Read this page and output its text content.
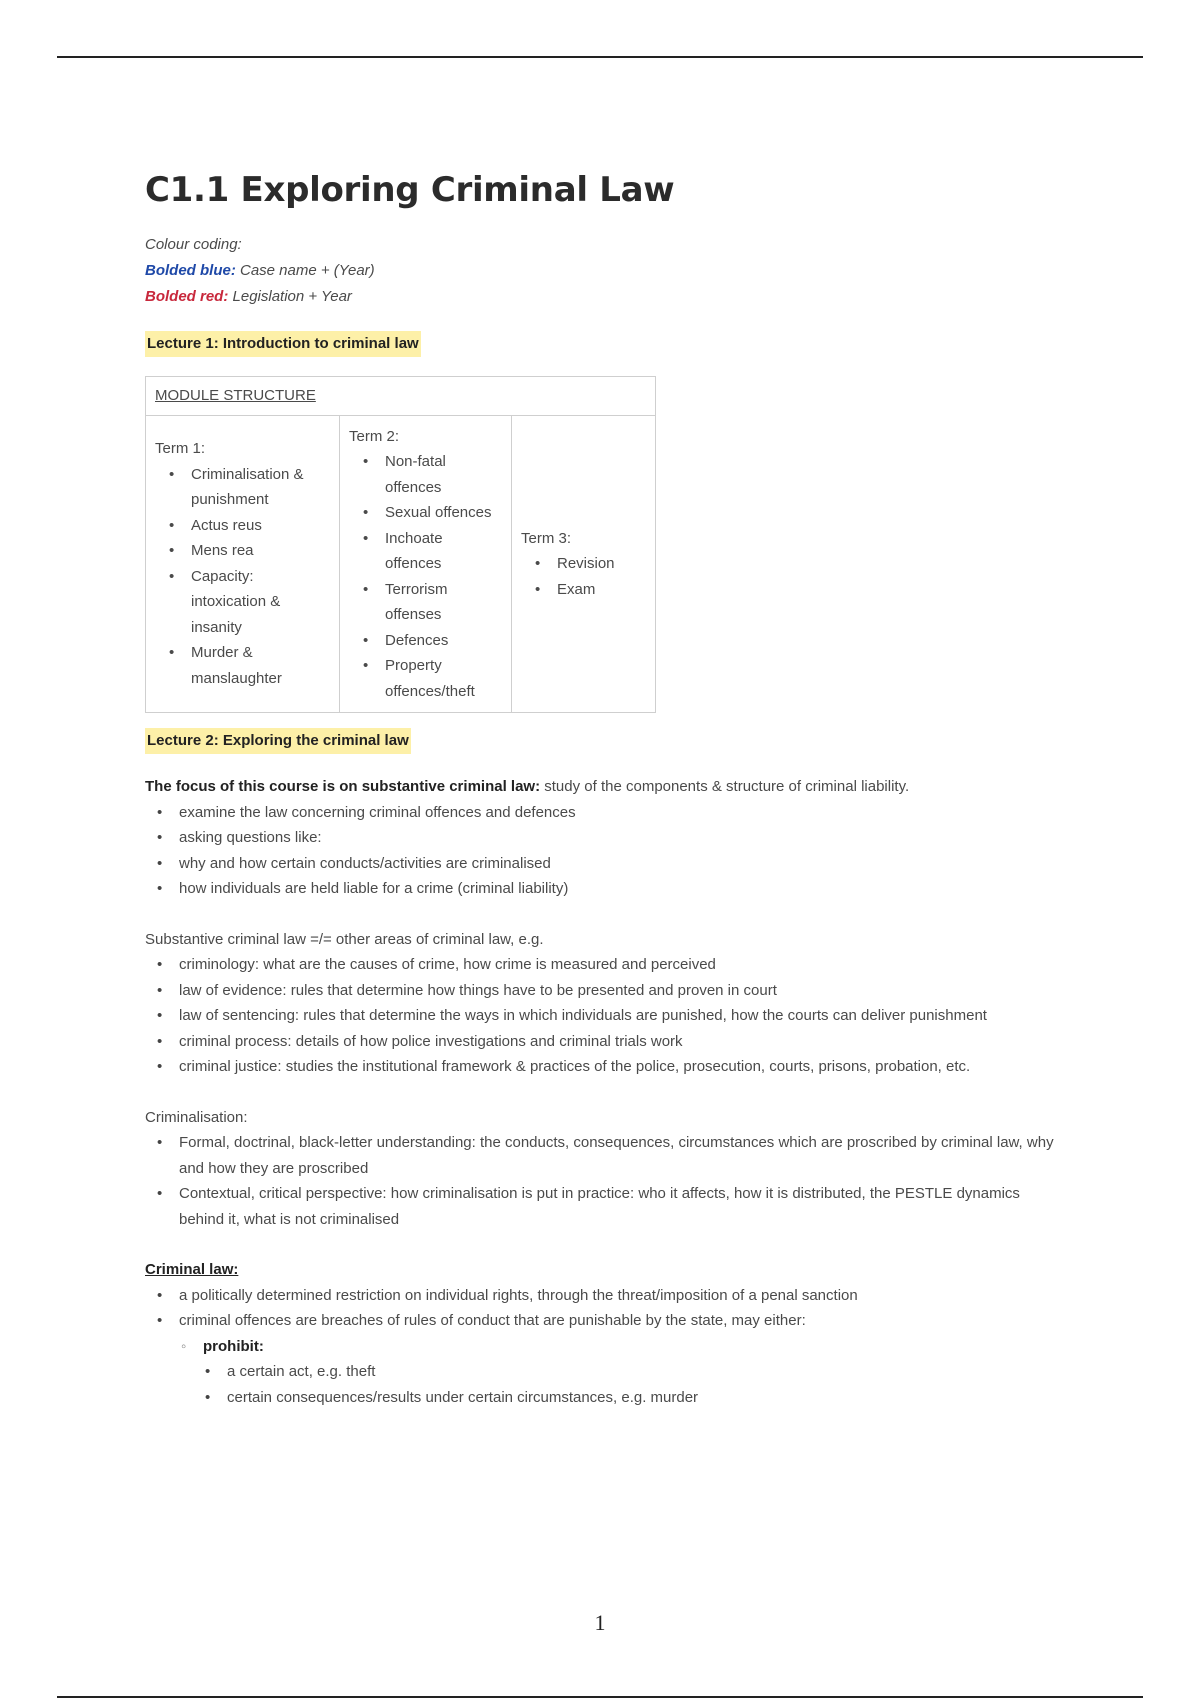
C1.1 Exploring Criminal Law
Colour coding:
Bolded blue: Case name + (Year)
Bolded red: Legislation + Year
Lecture 1: Introduction to criminal law
MODULE STRUCTURE

Term 1:
• Criminalisation & punishment
• Actus reus
• Mens rea
• Capacity: intoxication & insanity
• Murder & manslaughter

Term 2:
• Non-fatal offences
• Sexual offences
• Inchoate offences
• Terrorism offenses
• Defences
• Property offences/theft

Term 3:
• Revision
• Exam
Lecture 2: Exploring the criminal law
The focus of this course is on substantive criminal law: study of the components & structure of criminal liability.
• examine the law concerning criminal offences and defences
• asking questions like:
• why and how certain conducts/activities are criminalised
• how individuals are held liable for a crime (criminal liability)
Substantive criminal law =/= other areas of criminal law, e.g.
• criminology: what are the causes of crime, how crime is measured and perceived
• law of evidence: rules that determine how things have to be presented and proven in court
• law of sentencing: rules that determine the ways in which individuals are punished, how the courts can deliver punishment
• criminal process: details of how police investigations and criminal trials work
• criminal justice: studies the institutional framework & practices of the police, prosecution, courts, prisons, probation, etc.
Criminalisation:
• Formal, doctrinal, black-letter understanding: the conducts, consequences, circumstances which are proscribed by criminal law, why and how they are proscribed
• Contextual, critical perspective: how criminalisation is put in practice: who it affects, how it is distributed, the PESTLE dynamics behind it, what is not criminalised
Criminal law:
• a politically determined restriction on individual rights, through the threat/imposition of a penal sanction
• criminal offences are breaches of rules of conduct that are punishable by the state, may either:
◦ prohibit:
• a certain act, e.g. theft
• certain consequences/results under certain circumstances, e.g. murder
1
